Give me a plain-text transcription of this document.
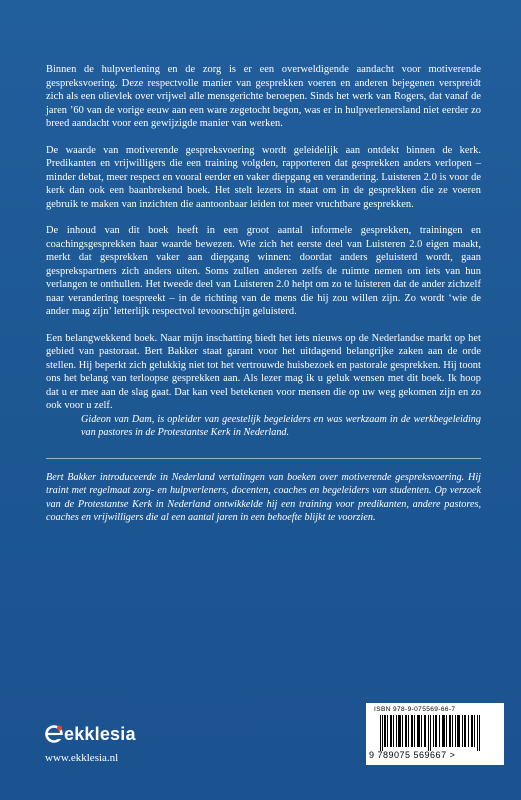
Binnen de hulpverlening en de zorg is er een overweldigende aandacht voor motiverende gespreksvoering. Deze respectvolle manier van gesprekken voeren en anderen bejegenen verspreidt zich als een olievlek over vrijwel alle mensgerichte beroepen. Sinds het werk van Rogers, dat vanaf de jaren ’60 van de vorige eeuw aan een ware zegetocht begon, was er in hulpverlenersland niet eerder zo breed aandacht voor een gewijzigde manier van werken.

De waarde van motiverende gespreksvoering wordt geleidelijk aan ontdekt binnen de kerk. Predikanten en vrijwilligers die een training volgden, rapporteren dat gesprekken anders verlopen – minder debat, meer respect en vooral eerder en vaker diepgang en verandering. Luisteren 2.0 is voor de kerk dan ook een baanbrekend boek. Het stelt lezers in staat om in de gesprekken die ze voeren gebruik te maken van inzichten die aantoonbaar leiden tot meer vruchtbare gesprekken.

De inhoud van dit boek heeft in een groot aantal informele gesprekken, trainingen en coachingsgesprekken haar waarde bewezen. Wie zich het eerste deel van Luisteren 2.0 eigen maakt, merkt dat gesprekken vaker aan diepgang winnen: doordat anders geluisterd wordt, gaan gesprekspartners zich anders uiten. Soms zullen anderen zelfs de ruimte nemen om iets van hun verlangen te onthullen. Het tweede deel van Luisteren 2.0 helpt om zo te luisteren dat de ander zichzelf naar verandering toespreekt – in de richting van de mens die hij zou willen zijn. Zo wordt ‘wie de ander mag zijn’ letterlijk respectvol tevoorschijn geluisterd.

Een belangwekkend boek. Naar mijn inschatting biedt het iets nieuws op de Nederlandse markt op het gebied van pastoraat. Bert Bakker staat garant voor het uitdagend belangrijke zaken aan de orde stellen. Hij beperkt zich gelukkig niet tot het vertrouwde huisbezoek en pastorale gesprekken. Hij toont ons het belang van terloopse gesprekken aan. Als lezer mag ik u geluk wensen met dit boek. Ik hoop dat u er mee aan de slag gaat. Dat kan veel betekenen voor mensen die op uw weg gekomen zijn en zo ook voor u zelf.

Gideon van Dam, is opleider van geestelijk begeleiders en was werkzaam in de werkbegeleiding van pastores in de Protestantse Kerk in Nederland.

Bert Bakker introduceerde in Nederland vertalingen van boeken over motiverende gespreksvoering. Hij traint met regelmaat zorg- en hulpverleners, docenten, coaches en begeleiders van studenten. Op verzoek van de Protestantse Kerk in Nederland ontwikkelde hij een training voor predikanten, andere pastores, coaches en vrijwilligers die al een aantal jaren in een behoefte blijkt te voorzien.

ekklesia
www.ekklesia.nl
ISBN 978-9-075569-66-7
9 789075 569667 >
